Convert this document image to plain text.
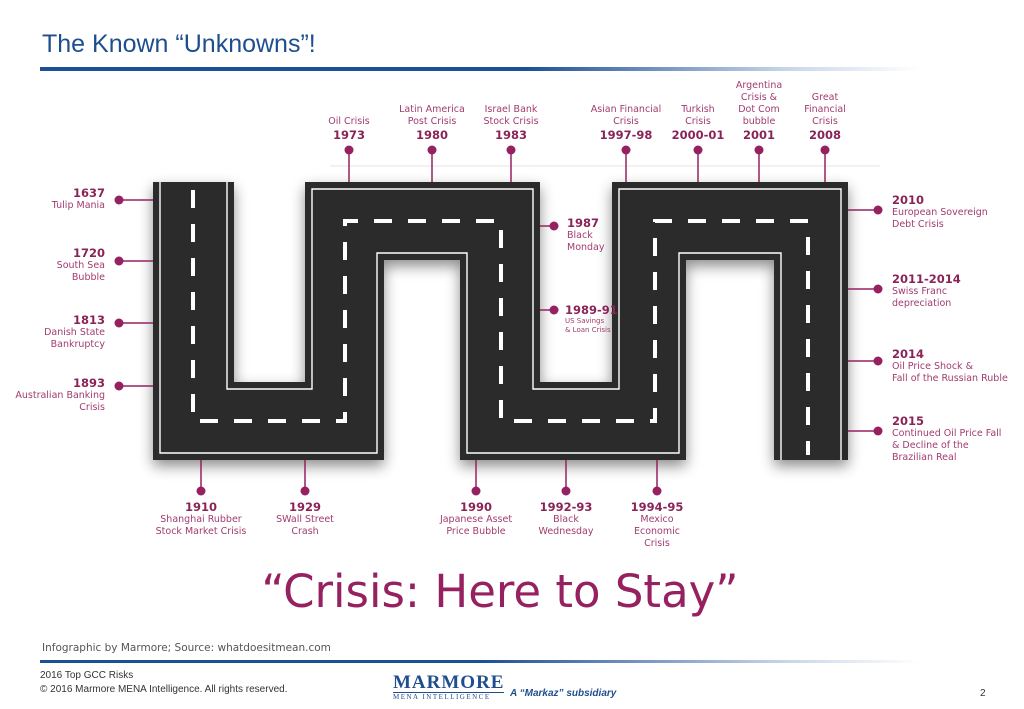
The Known “Unknowns”!
Oil Crisis
1973
Latin America
Post Crisis
1980
Israel Bank
Stock Crisis
1983
Asian Financial
Crisis
1997-98
Turkish
Crisis
2000-01
Argentina
Crisis &
Dot Com
bubble
2001
Great
Financial
Crisis
2008
1637
Tulip Mania
1720
South Sea
Bubble
1813
Danish State
Bankruptcy
1893
Australian Banking
Crisis
1987
Black
Monday
1989-91
US Savings
& Loan Crisis
2010
European Sovereign
Debt Crisis
2011-2014
Swiss Franc
depreciation
2014
Oil Price Shock &
Fall of the Russian Ruble
2015
Continued Oil Price Fall
& Decline of the
Brazilian Real
1910
Shanghai Rubber
Stock Market Crisis
1929
SWall Street
Crash
1990
Japanese Asset
Price Bubble
1992-93
Black
Wednesday
1994-95
Mexico
Economic
Crisis
“Crisis: Here to Stay”
Infographic by Marmore; Source: whatdoesitmean.com
2016 Top GCC Risks
© 2016 Marmore MENA Intelligence. All rights reserved.	MARMORE
MENA INTELLIGENCE	A “Markaz” subsidiary	2
